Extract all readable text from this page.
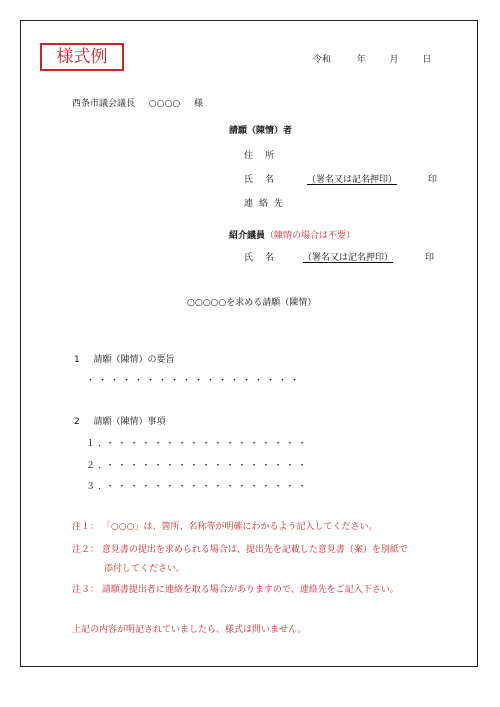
様式例	令和	年	月	日
西条市議会議長 ○○○○ 様
請願（陳情）者
住所
氏名 （署名又は記名押印）	印
連絡先
紹介議員（陳情の場合は不要）
氏名 （署名又は記名押印）	印
○○○○○を求める請願（陳情）
1 請願（陳情）の要旨
・・・・・・・・・・・・・・・・・・
2 請願（陳情）事項
１．・・・・・・・・・・・・・・・・・
２．・・・・・・・・・・・・・・・・・
３．・・・・・・・・・・・・・・・・・
注１： 「○○○」は、箇所、名称等が明確にわかるよう記入してください。
注２： 意見書の提出を求められる場合は、提出先を記載した意見書（案）を別紙で
添付してください。
注３： 請願書提出者に連絡を取る場合がありますので、連絡先をご記入下さい。
上記の内容が明記されていましたら、様式は問いません。
